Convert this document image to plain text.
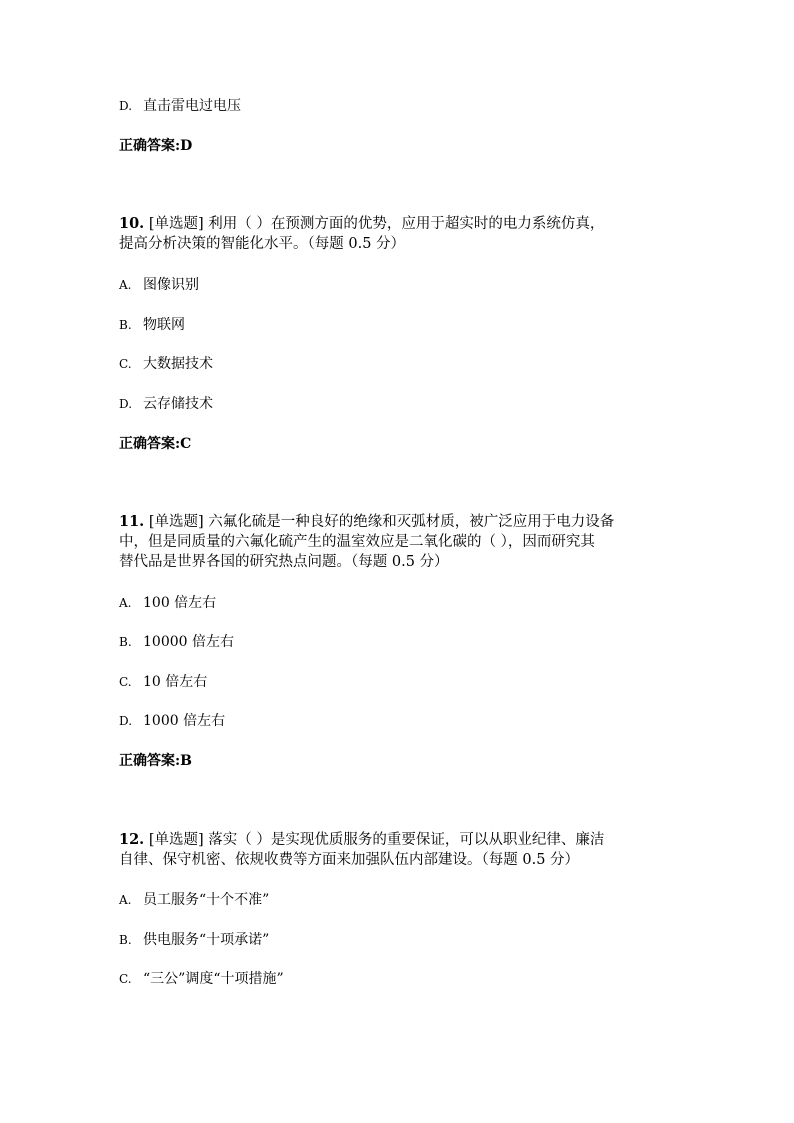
D. 直击雷电过电压
正确答案:D
10. [单选题] 利用（ ）在预测方面的优势，应用于超实时的电力系统仿真，
提高分析决策的智能化水平。（每题 0.5 分）
A. 图像识别
B. 物联网
C. 大数据技术
D. 云存储技术
正确答案:C
11. [单选题] 六氟化硫是一种良好的绝缘和灭弧材质，被广泛应用于电力设备
中，但是同质量的六氟化硫产生的温室效应是二氧化碳的（ ），因而研究其
替代品是世界各国的研究热点问题。（每题 0.5 分）
A. 100 倍左右
B. 10000 倍左右
C. 10 倍左右
D. 1000 倍左右
正确答案:B
12. [单选题] 落实（ ）是实现优质服务的重要保证，可以从职业纪律、廉洁
自律、保守机密、依规收费等方面来加强队伍内部建设。（每题 0.5 分）
A. 员工服务“十个不准”
B. 供电服务“十项承诺”
C. “三公”调度“十项措施”
